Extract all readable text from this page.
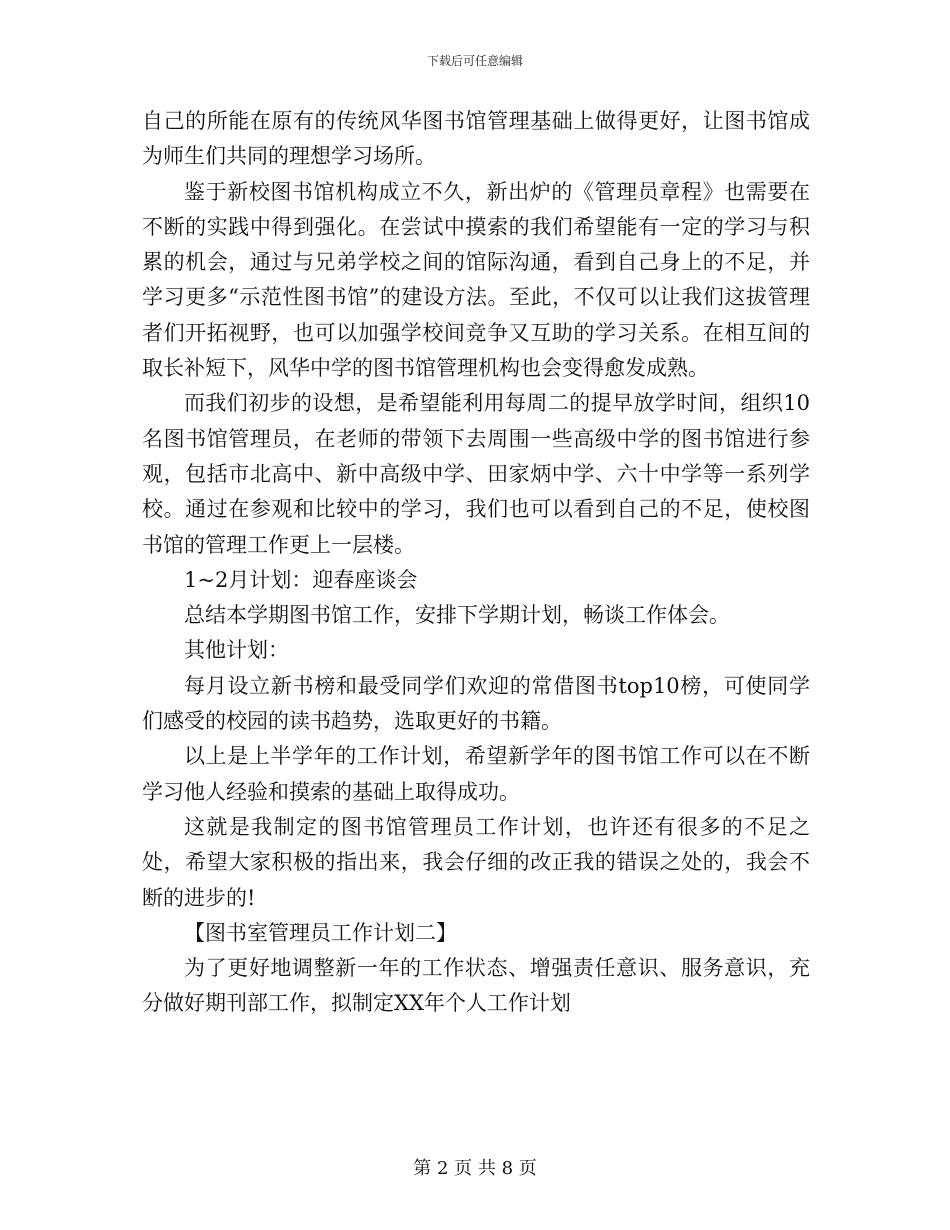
下载后可任意编辑

自己的所能在原有的传统风华图书馆管理基础上做得更好，让图书馆成为师生们共同的理想学习场所。

鉴于新校图书馆机构成立不久，新出炉的《管理员章程》也需要在不断的实践中得到强化。在尝试中摸索的我们希望能有一定的学习与积累的机会，通过与兄弟学校之间的馆际沟通，看到自己身上的不足，并学习更多“示范性图书馆”的建设方法。至此，不仅可以让我们这拔管理者们开拓视野，也可以加强学校间竞争又互助的学习关系。在相互间的取长补短下，风华中学的图书馆管理机构也会变得愈发成熟。

而我们初步的设想，是希望能利用每周二的提早放学时间，组织10名图书馆管理员，在老师的带领下去周围一些高级中学的图书馆进行参观，包括市北高中、新中高级中学、田家炳中学、六十中学等一系列学校。通过在参观和比较中的学习，我们也可以看到自己的不足，使校图书馆的管理工作更上一层楼。

1~2月计划：迎春座谈会

总结本学期图书馆工作，安排下学期计划，畅谈工作体会。

其他计划：

每月设立新书榜和最受同学们欢迎的常借图书top10榜，可使同学们感受的校园的读书趋势，选取更好的书籍。

以上是上半学年的工作计划，希望新学年的图书馆工作可以在不断学习他人经验和摸索的基础上取得成功。

这就是我制定的图书馆管理员工作计划，也许还有很多的不足之处，希望大家积极的指出来，我会仔细的改正我的错误之处的，我会不断的进步的!

【图书室管理员工作计划二】

为了更好地调整新一年的工作状态、增强责任意识、服务意识，充分做好期刊部工作，拟制定XX年个人工作计划

第 2 页 共 8 页
